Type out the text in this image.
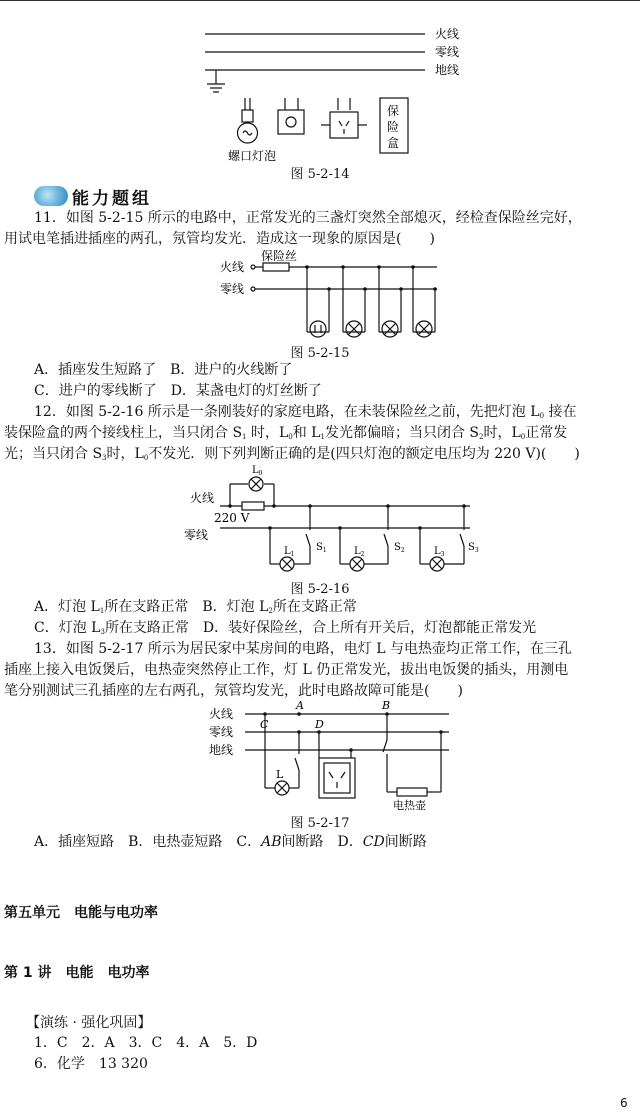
火线
零线
地线
螺口灯泡
保
险
盒
图 5-2-14
能力题组
11．如图 5-2-15 所示的电路中，正常发光的三盏灯突然全部熄灭，经检查保险丝完好，
用试电笔插进插座的两孔，氖管均发光．造成这一现象的原因是(　　)
火线
零线
保险丝
图 5-2-15
A．插座发生短路了　B．进户的火线断了
C．进户的零线断了　D．某盏电灯的灯丝断了
12．如图 5-2-16 所示是一条刚装好的家庭电路，在未装保险丝之前，先把灯泡 $L_0$ 接在
装保险盒的两个接线柱上，当只闭合 $S_1$ 时，$L_0$和 $L_1$发光都偏暗；当只闭合 $S_2$时，$L_0$正常发
光；当只闭合 $S_3$时，$L_0$不发光．则下列判断正确的是(四只灯泡的额定电压均为 220 V)(　　)
火线
零线
220 V
$L_0$
$L_1$	$L_2$	$L_3$
$S_1$	$S_2$	$S_3$
图 5-2-16
A．灯泡 $L_1$所在支路正常　B．灯泡 $L_2$所在支路正常
C．灯泡 $L_3$所在支路正常　D．装好保险丝，合上所有开关后，灯泡都能正常发光
13．如图 5-2-17 所示为居民家中某房间的电路，电灯 L 与电热壶均正常工作，在三孔
插座上接入电饭煲后，电热壶突然停止工作，灯 L 仍正常发光，拔出电饭煲的插头，用测电
笔分别测试三孔插座的左右两孔，氖管均发光，此时电路故障可能是(　　)
火线
零线
地线
A	B
C	D
L
电热壶
图 5-2-17
A．插座短路　B．电热壶短路　C．AB间断路　D．CD间断路
第五单元　电能与电功率
第 1 讲　电能　电功率
【演练 · 强化巩固】
1．C　2．A　3．C　4．A　5．D
6．化学　13 320
6
